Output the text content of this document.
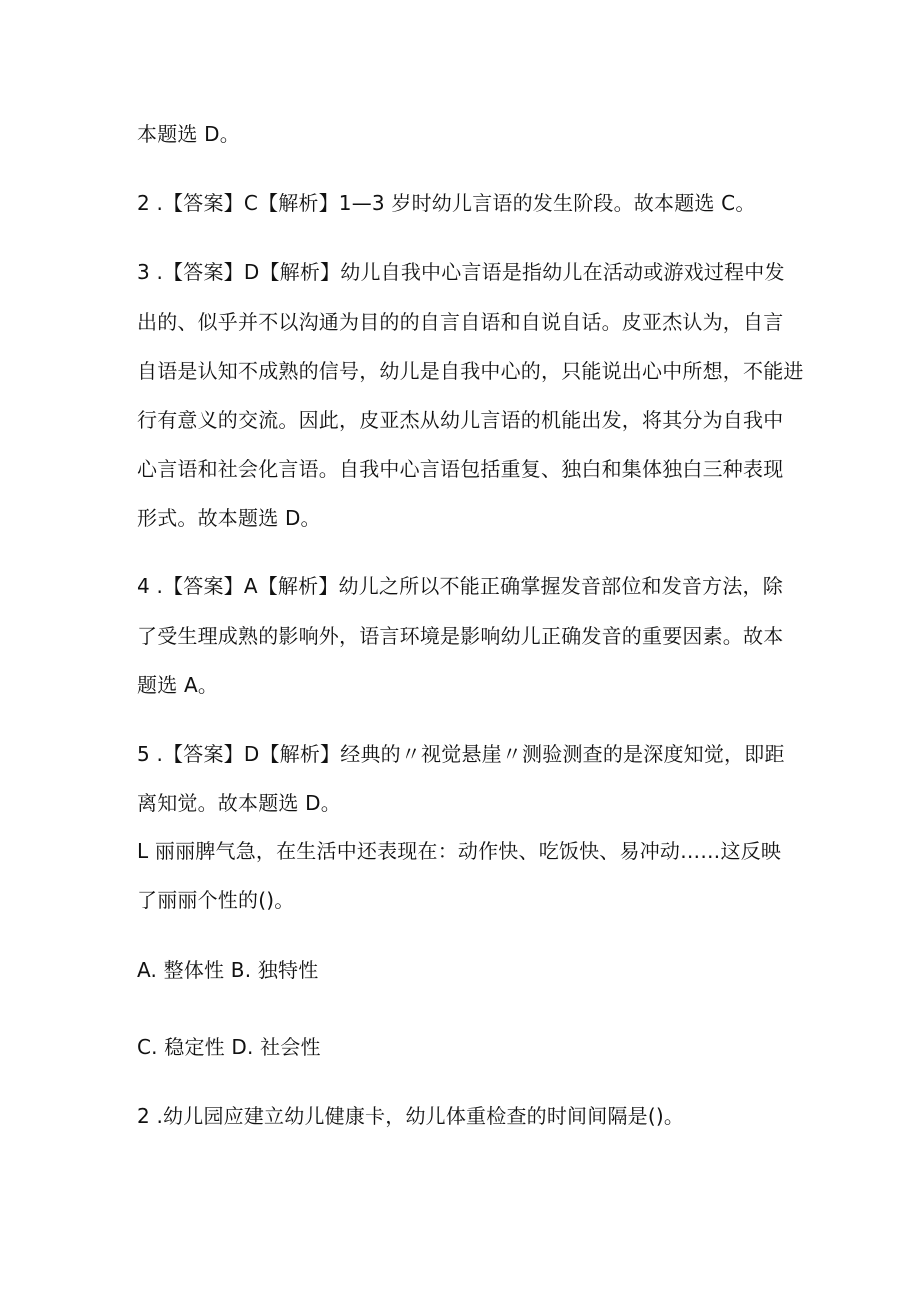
本题选 D。
2 .【答案】C【解析】1—3 岁时幼儿言语的发生阶段。故本题选 C。
3 .【答案】D【解析】幼儿自我中心言语是指幼儿在活动或游戏过程中发
出的、似乎并不以沟通为目的的自言自语和自说自话。皮亚杰认为，自言
自语是认知不成熟的信号，幼儿是自我中心的，只能说出心中所想，不能进
行有意义的交流。因此，皮亚杰从幼儿言语的机能出发，将其分为自我中
心言语和社会化言语。自我中心言语包括重复、独白和集体独白三种表现
形式。故本题选 D。
4 .【答案】A【解析】幼儿之所以不能正确掌握发音部位和发音方法，除
了受生理成熟的影响外，语言环境是影响幼儿正确发音的重要因素。故本
题选 A。
5 .【答案】D【解析】经典的〃视觉悬崖〃测验测查的是深度知觉，即距
离知觉。故本题选 D。
L 丽丽脾气急，在生活中还表现在：动作快、吃饭快、易冲动……这反映
了丽丽个性的()。
A. 整体性 B. 独特性
C. 稳定性 D. 社会性
2 .幼儿园应建立幼儿健康卡，幼儿体重检查的时间间隔是()。
